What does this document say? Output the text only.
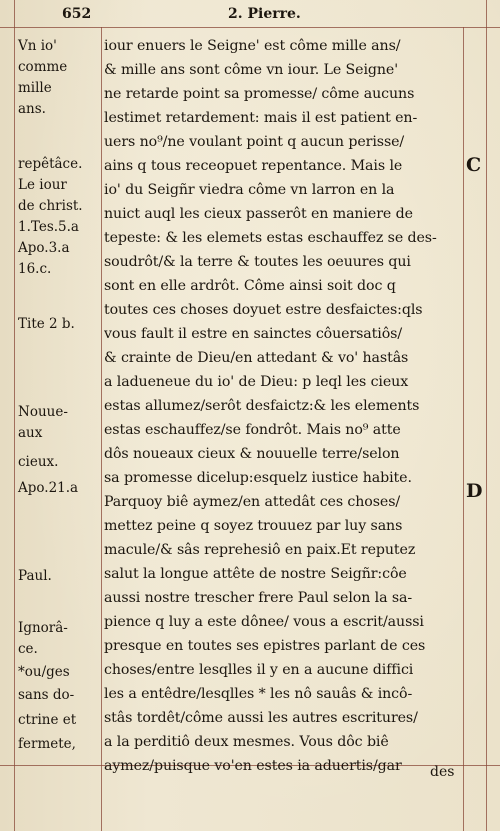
652	2. Pierre.
iour enuers le Seigne' est côme mille ans/
& mille ans sont côme vn iour. Le Seigne'
ne retarde point sa promesse/ côme aucuns
lestimet retardement: mais il est patient en-
uers no⁹/ne voulant point q aucun perisse/
ains q tous receopuet repentance. Mais le
io' du Seigñr viedra côme vn larron en la
nuict auql les cieux passerôt en maniere de
tepeste: & les elemets estas eschauffez se des-
soudrôt/& la terre & toutes les oeuures qui
sont en elle ardrôt. Côme ainsi soit doc q
toutes ces choses doyuet estre desfaictes:qls
vous fault il estre en sainctes côuersatiôs/
& crainte de Dieu/en attedant & vo' hastâs
a ladueneue du io' de Dieu: p leql les cieux
estas allumez/serôt desfaictz:& les elements
estas eschauffez/se fondrôt. Mais no⁹ atte
dôs noueaux cieux & nouuelle terre/selon
sa promesse dicelup:esquelz iustice habite.
Parquoy biê aymez/en attedât ces choses/
mettez peine q soyez trouuez par luy sans
macule/& sâs reprehesiô en paix.Et reputez
salut la longue attête de nostre Seigñr:côe
aussi nostre trescher frere Paul selon la sa-
pience q luy a este dônee/ vous a escrit/aussi
presque en toutes ses epistres parlant de ces
choses/entre lesqlles il y en a aucune diffici
les a entêdre/lesqlles * les nô sauâs & incô-
stâs tordêt/côme aussi les autres escritures/
a la perditiô deux mesmes. Vous dôc biê
aymez/puisque vo'en estes ia aduertis/gar
Vn io'
comme
mille
ans.
repêtâce.
Le iour
de christ.
1.Tes.5.a
Apo.3.a
16.c.
Tite 2 b.
Nouue-
aux
cieux.
Apo.21.a
Paul.
Ignorâ-
ce.
*ou/ges
sans do-
ctrine et
fermete,
C
D
des
